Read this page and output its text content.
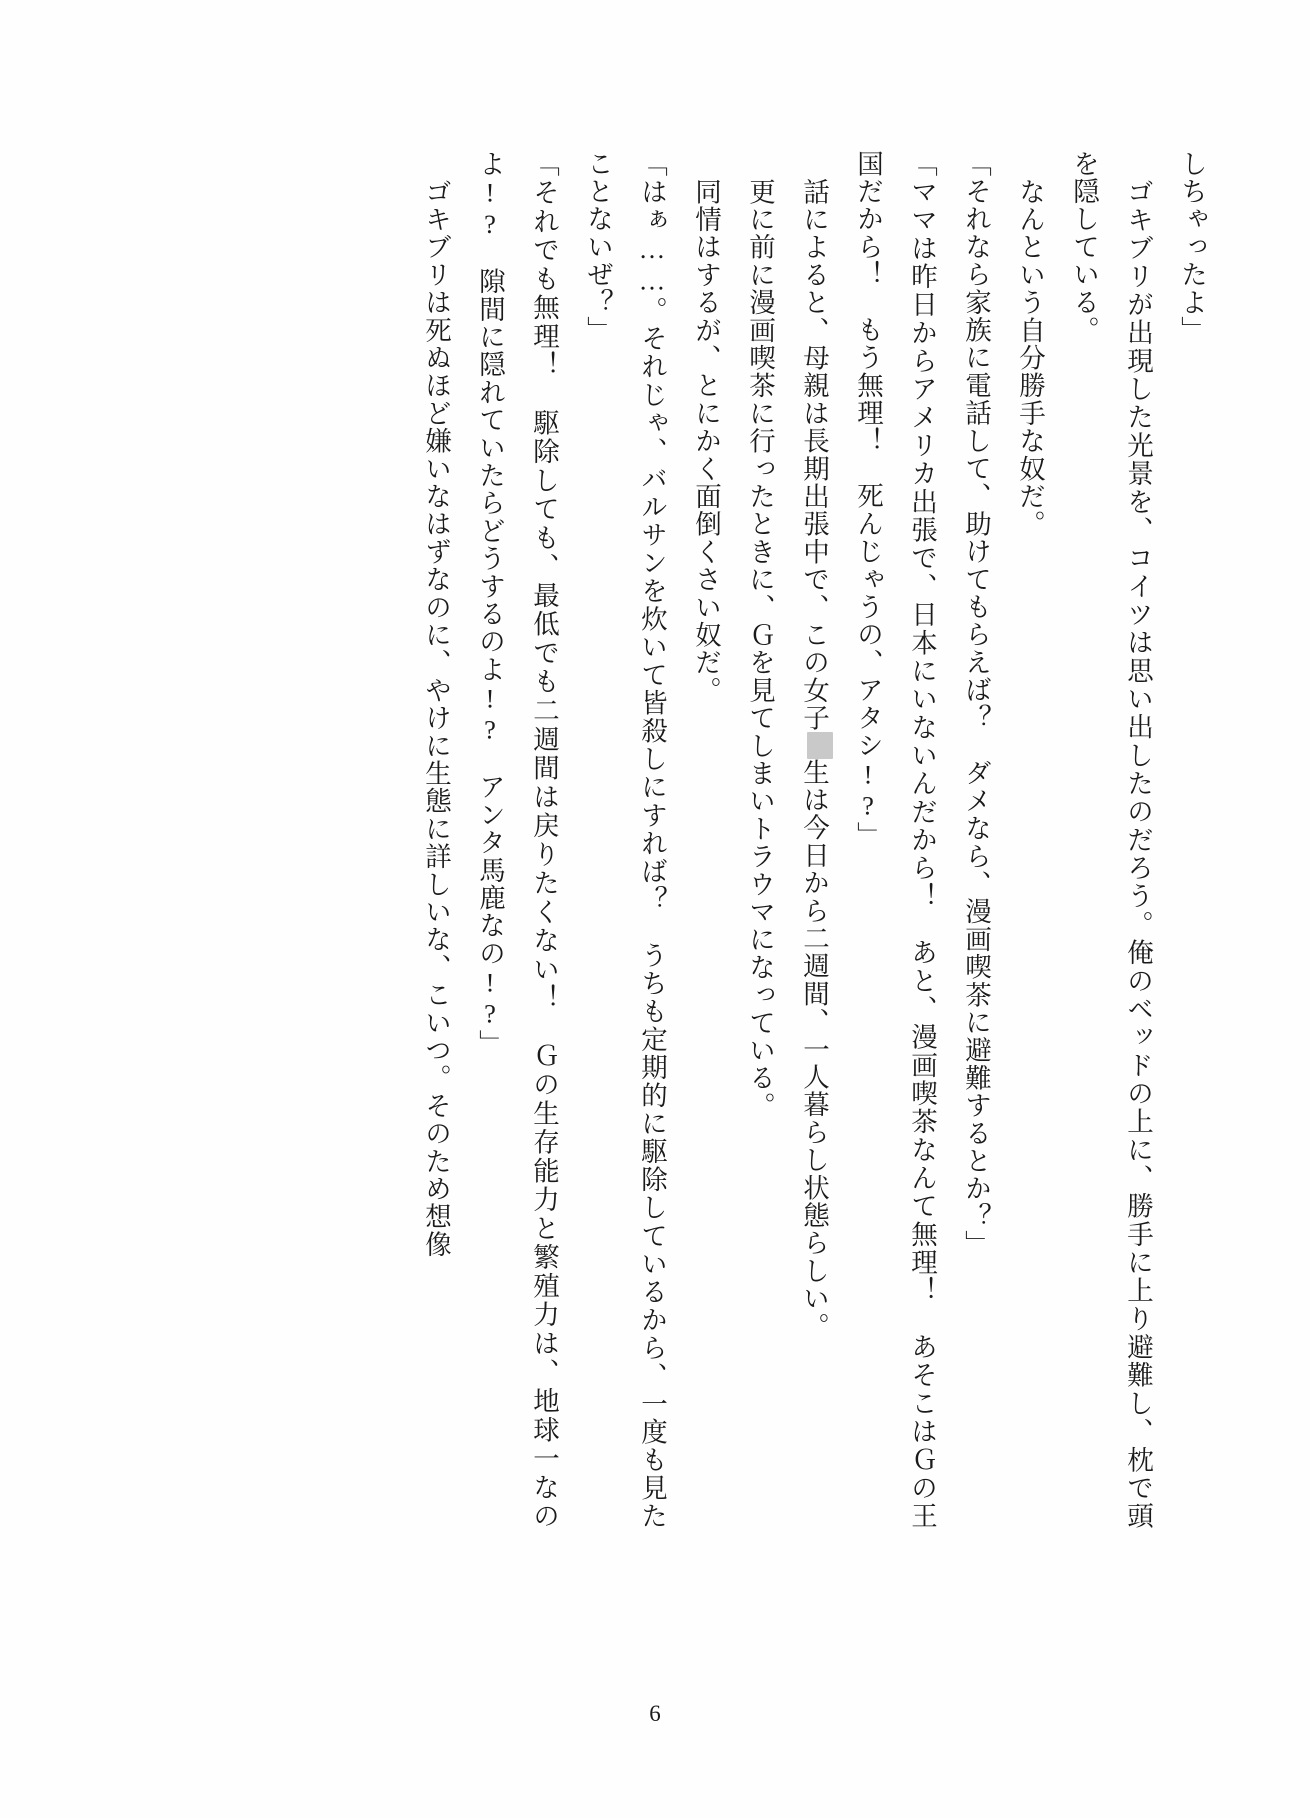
しちゃったよ」

ゴキブリが出現した光景を、コイツは思い出したのだろう。俺のベッドの上に、勝手に上り避難し、枕で頭を隠している。

なんという自分勝手な奴だ。

「それなら家族に電話して、助けてもらえば？　ダメなら、漫画喫茶に避難するとか？」

「ママは昨日からアメリカ出張で、日本にいないんだから！　あと、漫画喫茶なんて無理！　あそこはＧの王国だから！　もう無理！　死んじゃうの、アタシ!?」

話によると、母親は長期出張中で、この女子生は今日から二週間、一人暮らし状態らしい。

更に前に漫画喫茶に行ったときに、Ｇを見てしまいトラウマになっている。

同情はするが、とにかく面倒くさい奴だ。

「はぁ……。それじゃ、バルサンを炊いて皆殺しにすれば？　うちも定期的に駆除しているから、一度も見たことないぜ？」

「それでも無理！　駆除しても、最低でも二週間は戻りたくない！　Ｇの生存能力と繁殖力は、地球一なのよ!?　隙間に隠れていたらどうするのよ!?　アンタ馬鹿なの!?」

ゴキブリは死ぬほど嫌いなはずなのに、やけに生態に詳しいな、こいつ。そのため想像

6
